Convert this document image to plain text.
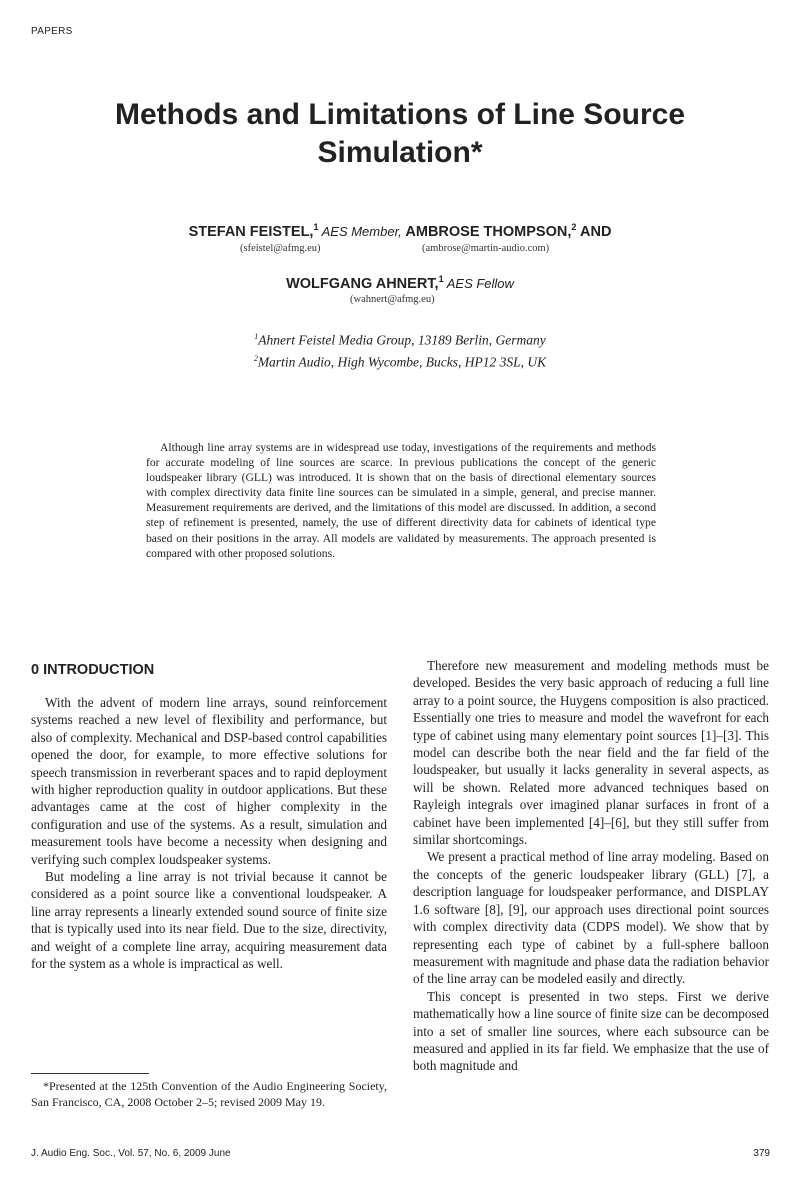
PAPERS
Methods and Limitations of Line Source
Simulation*
STEFAN FEISTEL,$^1$ AES Member, AMBROSE THOMPSON,$^2$ AND
(sfeistel@afmg.eu)	(ambrose@martin-audio.com)
WOLFGANG AHNERT,$^1$ AES Fellow
(wahnert@afmg.eu)
$^1$Ahnert Feistel Media Group, 13189 Berlin, Germany
$^2$Martin Audio, High Wycombe, Bucks, HP12 3SL, UK

Although line array systems are in widespread use today, investigations of the requirements and methods for accurate modeling of line sources are scarce. In previous publications the concept of the generic loudspeaker library (GLL) was introduced. It is shown that on the basis of directional elementary sources with complex directivity data finite line sources can be simulated in a simple, general, and precise manner. Measurement requirements are derived, and the limitations of this model are discussed. In addition, a second step of refinement is presented, namely, the use of different directivity data for cabinets of identical type based on their positions in the array. All models are validated by measurements. The approach presented is compared with other proposed solutions.

0 INTRODUCTION

With the advent of modern line arrays, sound reinforcement systems reached a new level of flexibility and performance, but also of complexity. Mechanical and DSP-based control capabilities opened the door, for example, to more effective solutions for speech transmission in reverberant spaces and to rapid deployment with higher reproduction quality in outdoor applications. But these advantages came at the cost of higher complexity in the configuration and use of the systems. As a result, simulation and measurement tools have become a necessity when designing and verifying such complex loudspeaker systems.

But modeling a line array is not trivial because it cannot be considered as a point source like a conventional loudspeaker. A line array represents a linearly extended sound source of finite size that is typically used into its near field. Due to the size, directivity, and weight of a complete line array, acquiring measurement data for the system as a whole is impractical as well.

Therefore new measurement and modeling methods must be developed. Besides the very basic approach of reducing a full line array to a point source, the Huygens composition is also practiced. Essentially one tries to measure and model the wavefront for each type of cabinet using many elementary point sources [1]–[3]. This model can describe both the near field and the far field of the loudspeaker, but usually it lacks generality in several aspects, as will be shown. Related more advanced techniques based on Rayleigh integrals over imagined planar surfaces in front of a cabinet have been implemented [4]–[6], but they still suffer from similar shortcomings.

We present a practical method of line array modeling. Based on the concepts of the generic loudspeaker library (GLL) [7], a description language for loudspeaker performance, and DISPLAY 1.6 software [8], [9], our approach uses directional point sources with complex directivity data (CDPS model). We show that by representing each type of cabinet by a full-sphere balloon measurement with magnitude and phase data the radiation behavior of the line array can be modeled easily and directly.

This concept is presented in two steps. First we derive mathematically how a line source of finite size can be decomposed into a set of smaller line sources, where each subsource can be measured and applied in its far field. We emphasize that the use of both magnitude and

*Presented at the 125th Convention of the Audio Engineering Society, San Francisco, CA, 2008 October 2–5; revised 2009 May 19.
J. Audio Eng. Soc., Vol. 57, No. 6, 2009 June	379
